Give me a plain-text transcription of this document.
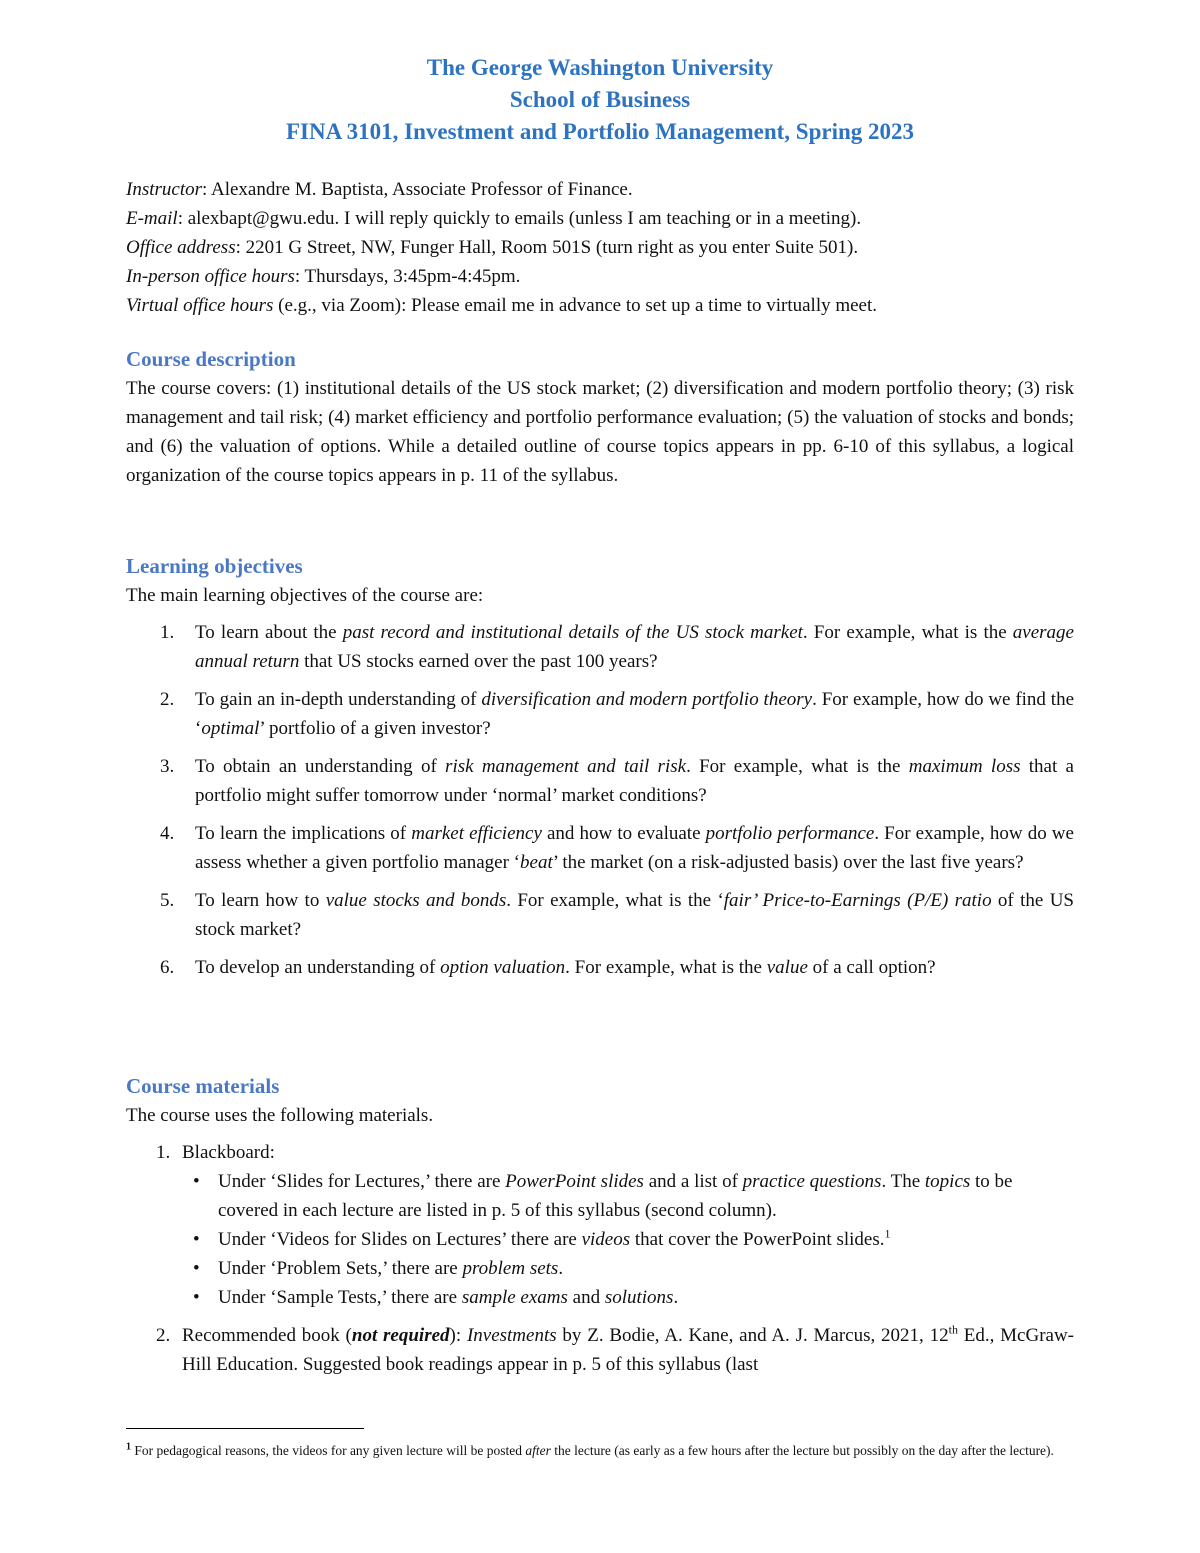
The George Washington University

School of Business

FINA 3101, Investment and Portfolio Management, Spring 2023

Instructor: Alexandre M. Baptista, Associate Professor of Finance.

E-mail: alexbapt@gwu.edu. I will reply quickly to emails (unless I am teaching or in a meeting).

Office address: 2201 G Street, NW, Funger Hall, Room 501S (turn right as you enter Suite 501).

In-person office hours: Thursdays, 3:45pm-4:45pm.

Virtual office hours (e.g., via Zoom): Please email me in advance to set up a time to virtually meet.

Course description

The course covers: (1) institutional details of the US stock market; (2) diversification and modern portfolio theory; (3) risk management and tail risk; (4) market efficiency and portfolio performance evaluation; (5) the valuation of stocks and bonds; and (6) the valuation of options. While a detailed outline of course topics appears in pp. 6-10 of this syllabus, a logical organization of the course topics appears in p. 11 of the syllabus.

Learning objectives

The main learning objectives of the course are:

1. To learn about the past record and institutional details of the US stock market. For example, what is the average annual return that US stocks earned over the past 100 years?
2. To gain an in-depth understanding of diversification and modern portfolio theory. For example, how do we find the ‘optimal’ portfolio of a given investor?
3. To obtain an understanding of risk management and tail risk. For example, what is the maximum loss that a portfolio might suffer tomorrow under ‘normal’ market conditions?
4. To learn the implications of market efficiency and how to evaluate portfolio performance. For example, how do we assess whether a given portfolio manager ‘beat’ the market (on a risk-adjusted basis) over the last five years?
5. To learn how to value stocks and bonds. For example, what is the ‘fair’ Price-to-Earnings (P/E) ratio of the US stock market?
6. To develop an understanding of option valuation. For example, what is the value of a call option?

Course materials

The course uses the following materials.

1. Blackboard:
• Under ‘Slides for Lectures,’ there are PowerPoint slides and a list of practice questions. The topics to be covered in each lecture are listed in p. 5 of this syllabus (second column).
• Under ‘Videos for Slides on Lectures’ there are videos that cover the PowerPoint slides.$^1$
• Under ‘Problem Sets,’ there are problem sets.
• Under ‘Sample Tests,’ there are sample exams and solutions.
2. Recommended book (not required): Investments by Z. Bodie, A. Kane, and A. J. Marcus, 2021, 12th Ed., McGraw-Hill Education. Suggested book readings appear in p. 5 of this syllabus (last
$^1$ For pedagogical reasons, the videos for any given lecture will be posted after the lecture (as early as a few hours after the lecture but possibly on the day after the lecture).
